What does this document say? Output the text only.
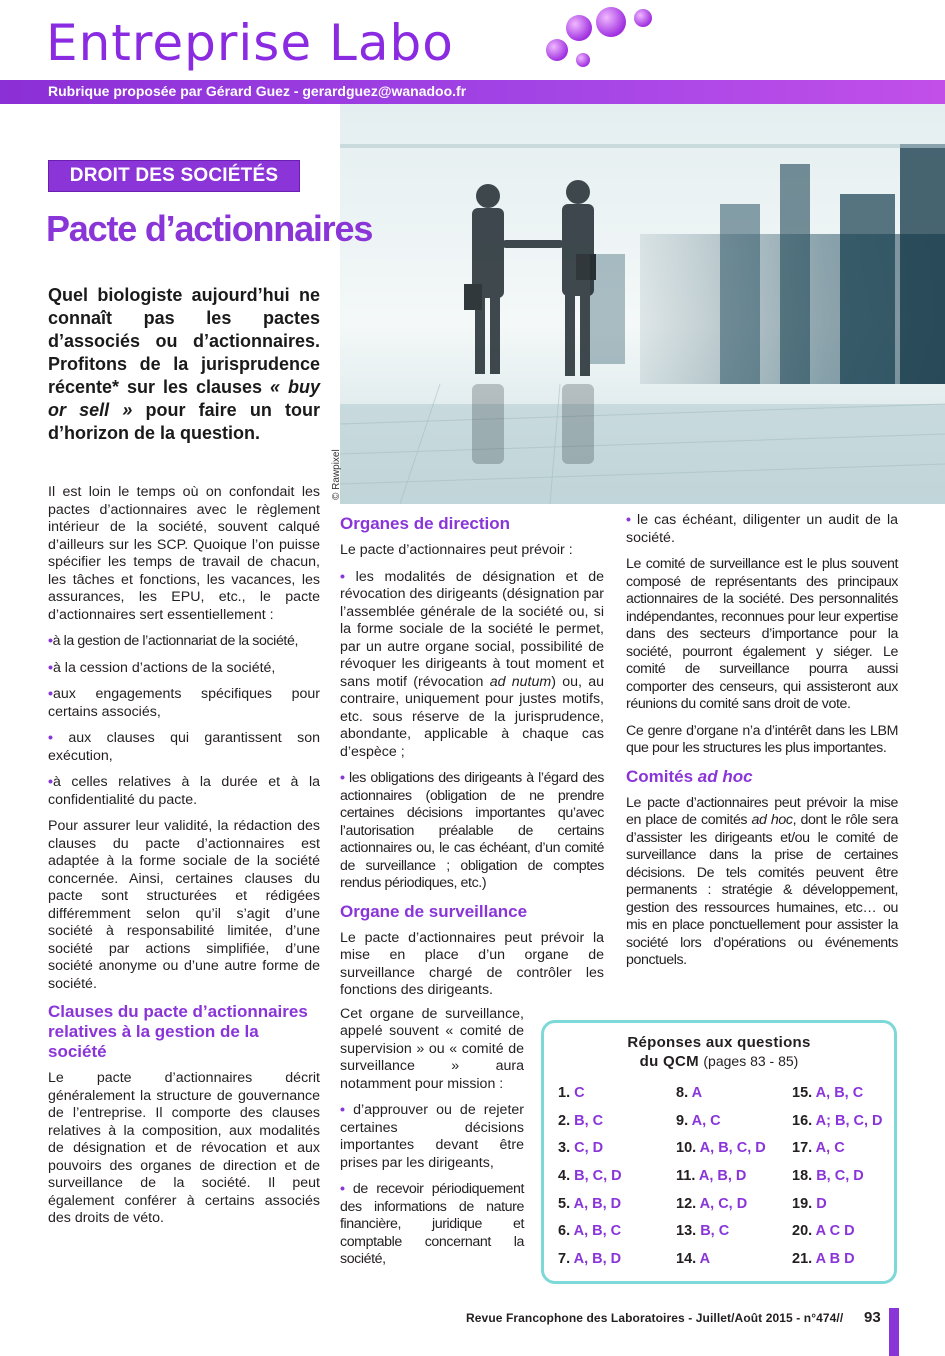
Entreprise Labo
Rubrique proposée par Gérard Guez - gerardguez@wanadoo.fr
© Rawpixel
DROIT DES SOCIÉTÉS
Pacte d’actionnaires
Quel biologiste aujourd’hui ne connaît pas les pactes d’associés ou d’actionnaires. Profitons de la jurisprudence récente* sur les clauses « buy or sell » pour faire un tour d’horizon de la question.

Il est loin le temps où on confondait les pactes d’actionnaires avec le règlement intérieur de la société, souvent calqué d’ailleurs sur les SCP. Quoique l’on puisse spécifier les temps de travail de chacun, les tâches et fonctions, les vacances, les assurances, les EPU, etc., le pacte d’actionnaires sert essentiellement :

•à la gestion de l’actionnariat de la société,

•à la cession d’actions de la société,

•aux engagements spécifiques pour certains associés,

• aux clauses qui garantissent son exécution,

•à celles relatives à la durée et à la confidentialité du pacte.

Pour assurer leur validité, la rédaction des clauses du pacte d’actionnaires est adaptée à la forme sociale de la société concernée. Ainsi, certaines clauses du pacte sont structurées et rédigées différemment selon qu’il s’agit d’une société à responsabilité limitée, d’une société par actions simplifiée, d’une société anonyme ou d’une autre forme de société.

Clauses du pacte d’actionnaires relatives à la gestion de la société

Le pacte d’actionnaires décrit généralement la structure de gouvernance de l’entreprise. Il comporte des clauses relatives à la composition, aux modalités de désignation et de révocation et aux pouvoirs des organes de direction et de surveillance de la société. Il peut également conférer à certains associés des droits de véto.

Organes de direction

Le pacte d’actionnaires peut prévoir :

• les modalités de désignation et de révocation des dirigeants (désignation par l’assemblée générale de la société ou, si la forme sociale de la société le permet, par un autre organe social, possibilité de révoquer les dirigeants à tout moment et sans motif (révocation ad nutum) ou, au contraire, uniquement pour justes motifs, etc. sous réserve de la jurisprudence, abondante, applicable à chaque cas d’espèce ;

• les obligations des dirigeants à l’égard des actionnaires (obligation de ne prendre certaines décisions importantes qu’avec l’autorisation préalable de certains actionnaires ou, le cas échéant, d’un comité de surveillance ; obligation de comptes rendus périodiques, etc.)

Organe de surveillance

Le pacte d’actionnaires peut prévoir la mise en place d’un organe de surveillance chargé de contrôler les fonctions des dirigeants.

Cet organe de surveillance, appelé souvent « comité de supervision » ou « comité de surveillance » aura notamment pour mission :

• d’approuver ou de rejeter certaines décisions importantes devant être prises par les dirigeants,

• de recevoir périodiquement des informations de nature financière, juridique et comptable concernant la société,

• le cas échéant, diligenter un audit de la société.

Le comité de surveillance est le plus souvent composé de représentants des principaux actionnaires de la société. Des personnalités indépendantes, reconnues pour leur expertise dans des secteurs d’importance pour la société, pourront également y siéger. Le comité de surveillance pourra aussi comporter des censeurs, qui assisteront aux réunions du comité sans droit de vote.

Ce genre d’organe n’a d’intérêt dans les LBM que pour les structures les plus importantes.

Comités ad hoc

Le pacte d’actionnaires peut prévoir la mise en place de comités ad hoc, dont le rôle sera d’assister les dirigeants et/ou le comité de surveillance dans la prise de certaines décisions. De tels comités peuvent être permanents : stratégie & développement, gestion des ressources humaines, etc… ou mis en place ponctuellement pour assister la société lors d’opérations ou événements ponctuels.

Réponses aux questions
du QCM (pages 83 - 85)
1. C	8. A	15. A, B, C
2. B, C	9. A, C	16. A; B, C, D
3. C, D	10. A, B, C, D 17. A, C
4. B, C, D	11. A, B, D	18. B, C, D
5. A, B, D	12. A, C, D	19. D
6. A, B, C	13. B, C	20. A C D
7. A, B, D	14. A	21. A B D
Revue Francophone des Laboratoires - Juillet/Août 2015 - n°474// 93
